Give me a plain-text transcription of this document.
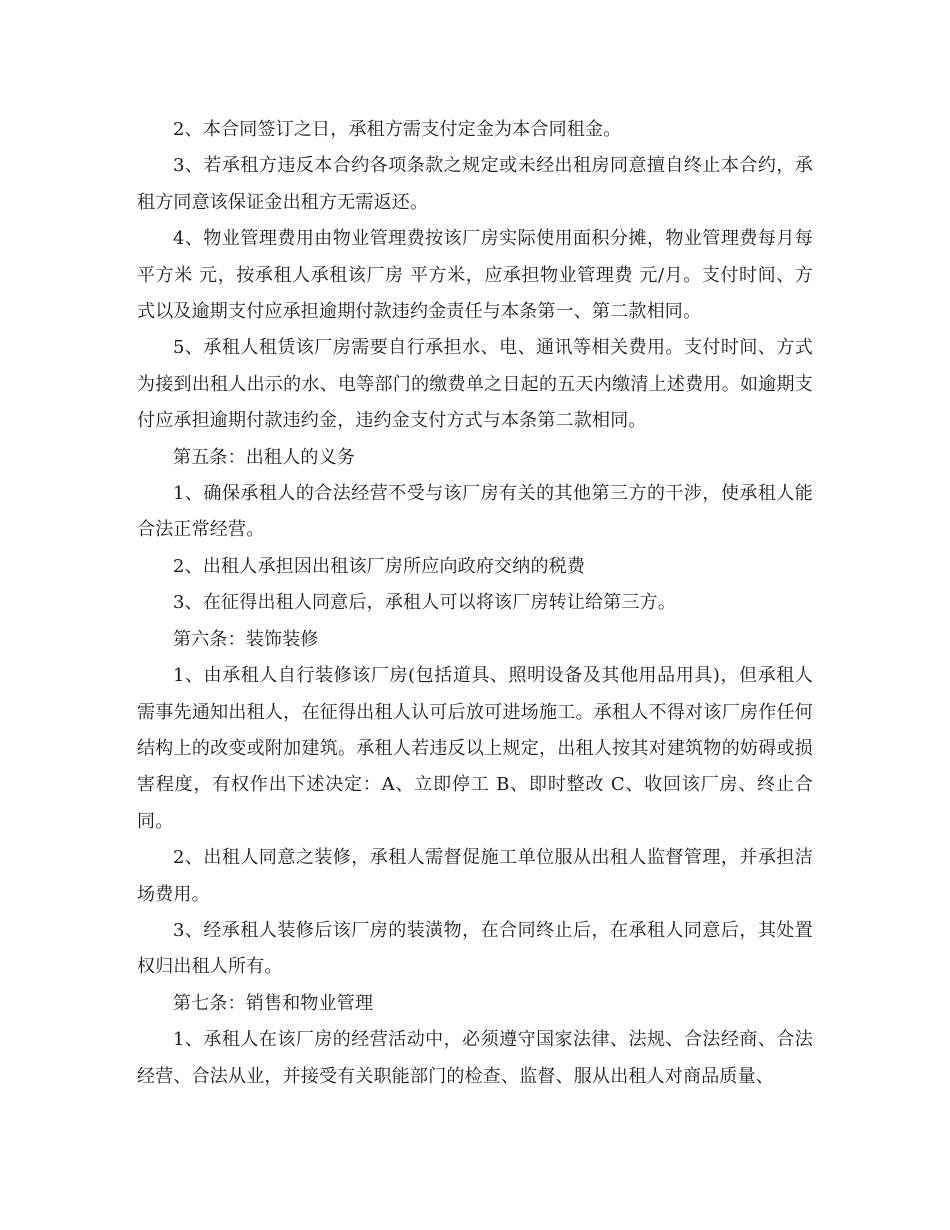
2、本合同签订之日，承租方需支付定金为本合同租金。

3、若承租方违反本合约各项条款之规定或未经出租房同意擅自终止本合约，承租方同意该保证金出租方无需返还。

4、物业管理费用由物业管理费按该厂房实际使用面积分摊，物业管理费每月每平方米 元，按承租人承租该厂房 平方米，应承担物业管理费 元/月。支付时间、方式以及逾期支付应承担逾期付款违约金责任与本条第一、第二款相同。

5、承租人租赁该厂房需要自行承担水、电、通讯等相关费用。支付时间、方式为接到出租人出示的水、电等部门的缴费单之日起的五天内缴清上述费用。如逾期支付应承担逾期付款违约金，违约金支付方式与本条第二款相同。

第五条：出租人的义务

1、确保承租人的合法经营不受与该厂房有关的其他第三方的干涉，使承租人能合法正常经营。

2、出租人承担因出租该厂房所应向政府交纳的税费

3、在征得出租人同意后，承租人可以将该厂房转让给第三方。

第六条：装饰装修

1、由承租人自行装修该厂房(包括道具、照明设备及其他用品用具)，但承租人需事先通知出租人，在征得出租人认可后放可进场施工。承租人不得对该厂房作任何结构上的改变或附加建筑。承租人若违反以上规定，出租人按其对建筑物的妨碍或损害程度，有权作出下述决定：A、立即停工 B、即时整改 C、收回该厂房、终止合同。

2、出租人同意之装修，承租人需督促施工单位服从出租人监督管理，并承担洁场费用。

3、经承租人装修后该厂房的装潢物，在合同终止后，在承租人同意后，其处置权归出租人所有。

第七条：销售和物业管理

1、承租人在该厂房的经营活动中，必须遵守国家法律、法规、合法经商、合法经营、合法从业，并接受有关职能部门的检查、监督、服从出租人对商品质量、
